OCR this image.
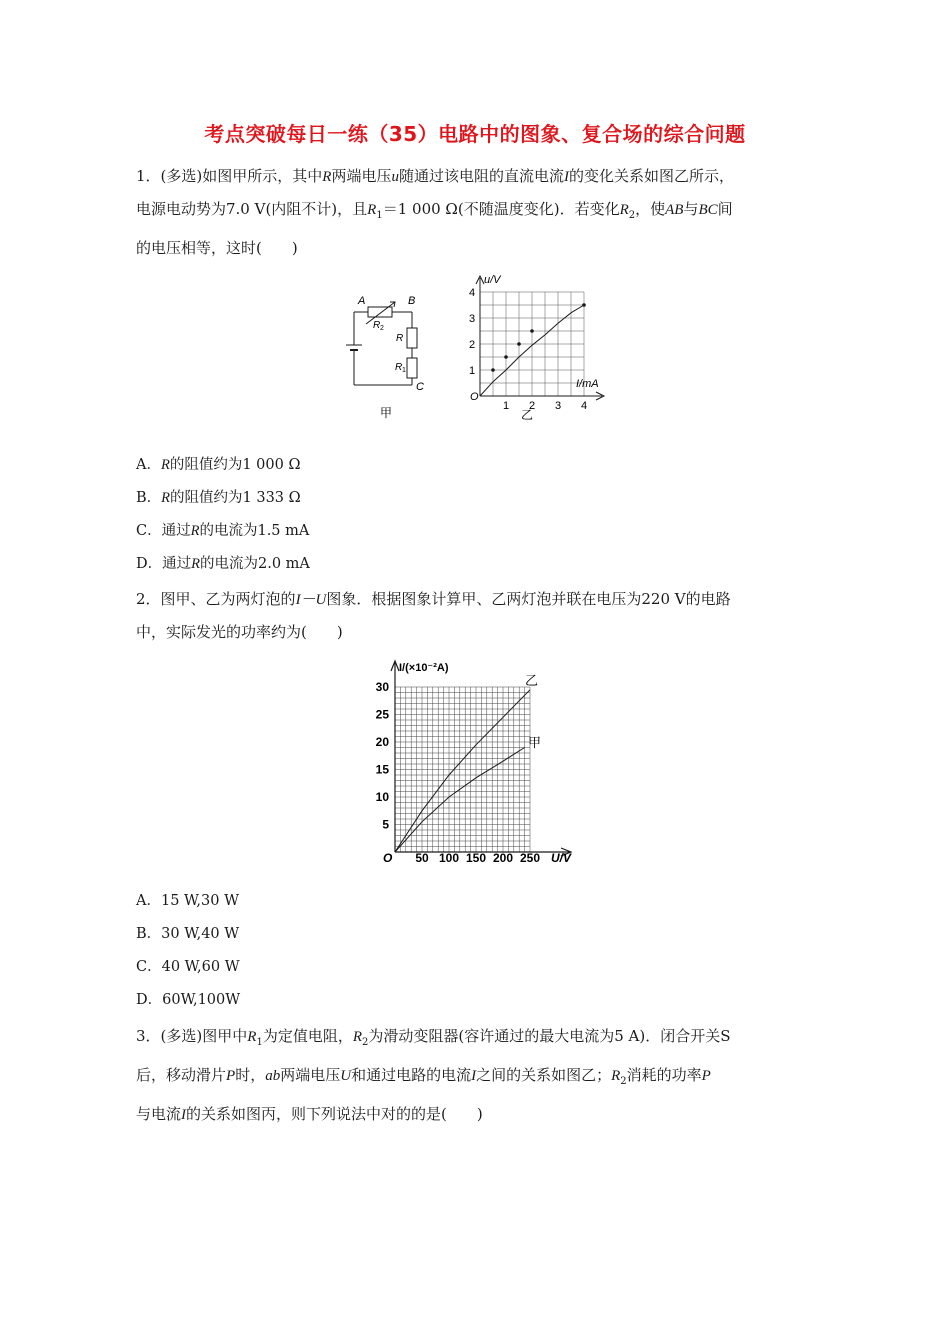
考点突破每日一练（35）电路中的图象、复合场的综合问题
1．(多选)如图甲所示，其中R两端电压u随通过该电阻的直流电流I的变化关系如图乙所示，
电源电动势为7.0 V(内阻不计)，且$R_1=1$ 000 Ω(不随温度变化)．若变化$R_2$，使AB与BC间
的电压相等，这时(　　)
A	B
C
R 2
R
R 1
甲
1
2
3
4
1 2 3 4
u/V
I/mA
O
乙
A．R的阻值约为1 000 Ω
B．R的阻值约为1 333 Ω
C．通过R的电流为1.5 mA
D．通过R的电流为2.0 mA
2．图甲、乙为两灯泡的I－U图象．根据图象计算甲、乙两灯泡并联在电压为220 V的电路
中，实际发光的功率约为(　　)
5
10
15
20
25
30
50 100 150 200 250
I/(×10⁻²A)
U/V
O
乙
甲
A．15 W,30 W
B．30 W,40 W
C．40 W,60 W
D．60W,100W
3．(多选)图甲中$R_1$为定值电阻，$R_2$为滑动变阻器(容许通过的最大电流为5 A)．闭合开关S
后，移动滑片P时，ab两端电压U和通过电路的电流I之间的关系如图乙；$R_2$消耗的功率P
与电流I的关系如图丙，则下列说法中对的的是(　　)
